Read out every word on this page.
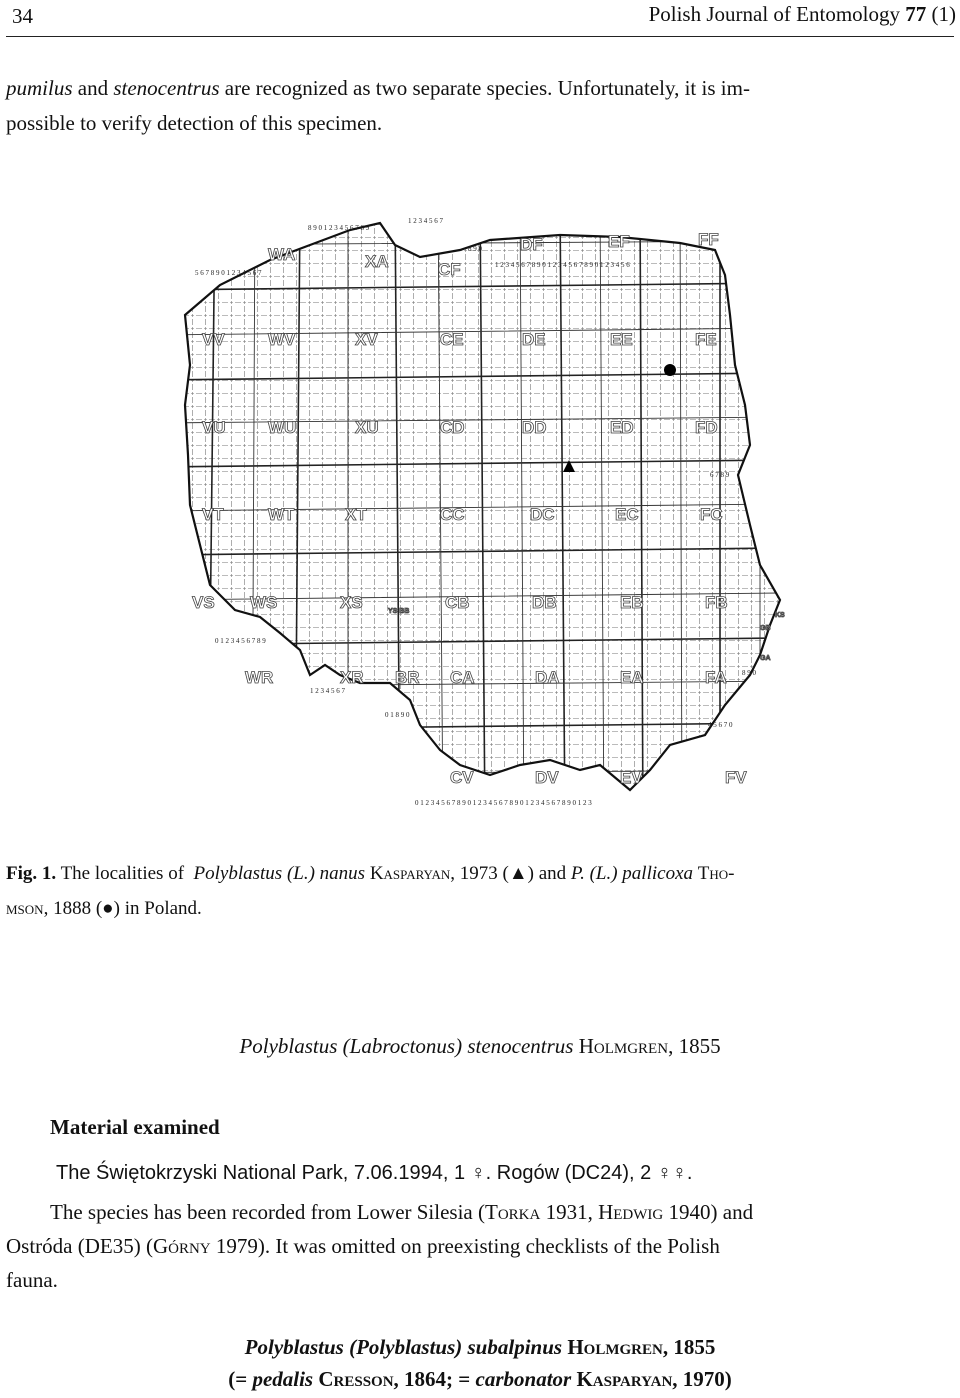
34	Polish Journal of Entomology 77 (1)
pumilus and stenocentrus are recognized as two separate species. Unfortunately, it is im-
possible to verify detection of this specimen.
8 9 0 1 2 3 4 5 6 7 8 9
1 2 3 4 5 6 7
8 9 0
1 2 3 4 5 6 7 8 9 0 1 2 3 4 5 6 7 8 9 0 1 2 3 4 5 6
5 6 7 8 9 0 1 2 3 4 5 6 7
0 1 2 3 4 5 6 7 8 9 0 1 2 3 4 5 6 7 8 9 0 1 2 3 4 5 6 7 8 9 0 1 2 3
0 1 2 3 4 5 6 7 8 9
1 2 3 4 5 6 7
0 1 8 9 0
6 7 8 9
8 9 0
4 5 6 7 0
WA	XA	CF
DF	EF	FF
VV	WV	XV	CE	DE	EE	FE
VU WU	XU	CD	DD	ED	FD
VT	WT	XT	CC	DC	EC	FC
VS WS	XS	CB	DB	EB	FB
WR	XR BR CA	DA	EA	FA
CV	DV	EV	FV
YS BB
KS
GB
GA
Fig. 1. The localities of Polyblastus (L.) nanus Kasparyan, 1973 (▲) and P. (L.) pallicoxa Tho-
mson, 1888 (●) in Poland.
Polyblastus (Labroctonus) stenocentrus Holmgren, 1855
Material examined
The Świętokrzyski National Park, 7.06.1994, 1 ♀. Rogów (DC24), 2 ♀♀.
The species has been recorded from Lower Silesia (Torka 1931, Hedwig 1940) and
Ostróda (DE35) (Górny 1979). It was omitted on preexisting checklists of the Polish
fauna.
Polyblastus (Polyblastus) subalpinus Holmgren, 1855
(= pedalis Cresson, 1864; = carbonator Kasparyan, 1970)
